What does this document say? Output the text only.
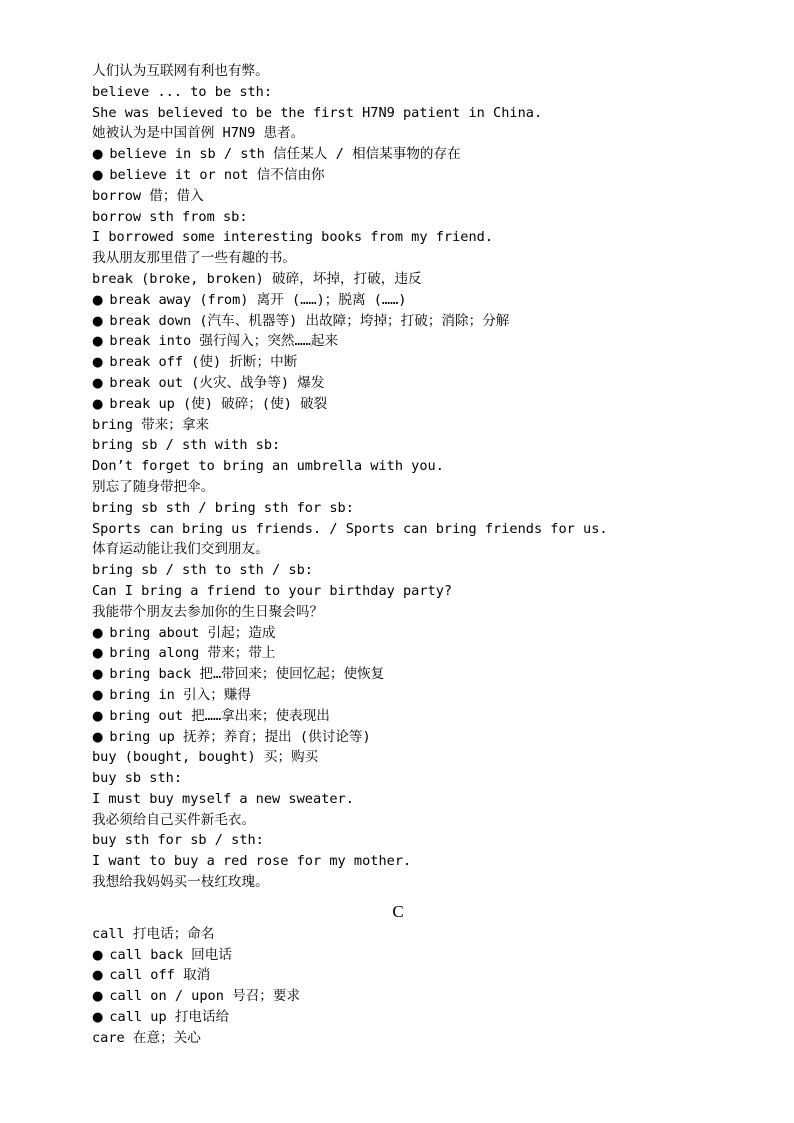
人们认为互联网有利也有弊。
believe ... to be sth:
She was believed to be the first H7N9 patient in China.
她被认为是中国首例 H7N9 患者。
● believe in sb / sth 信任某人 / 相信某事物的存在
● believe it or not 信不信由你
borrow 借；借入
borrow sth from sb:
I borrowed some interesting books from my friend.
我从朋友那里借了一些有趣的书。
break (broke, broken) 破碎，坏掉，打破，违反
● break away (from) 离开 (……)；脱离 (……)
● break down (汽车、机器等) 出故障；垮掉；打破；消除；分解
● break into 强行闯入；突然……起来
● break off (使) 折断；中断
● break out (火灾、战争等) 爆发
● break up (使) 破碎；(使) 破裂
bring 带来；拿来
bring sb / sth with sb:
Don’t forget to bring an umbrella with you.
别忘了随身带把伞。
bring sb sth / bring sth for sb:
Sports can bring us friends. / Sports can bring friends for us.
体育运动能让我们交到朋友。
bring sb / sth to sth / sb:
Can I bring a friend to your birthday party?
我能带个朋友去参加你的生日聚会吗？
● bring about 引起；造成
● bring along 带来；带上
● bring back 把…带回来；使回忆起；使恢复
● bring in 引入；赚得
● bring out 把……拿出来；使表现出
● bring up 抚养；养育；提出 (供讨论等)
buy (bought, bought) 买；购买
buy sb sth:
I must buy myself a new sweater.
我必须给自己买件新毛衣。
buy sth for sb / sth:
I want to buy a red rose for my mother.
我想给我妈妈买一枝红玫瑰。
C
call 打电话；命名
● call back 回电话
● call off 取消
● call on / upon 号召；要求
● call up 打电话给
care 在意；关心
